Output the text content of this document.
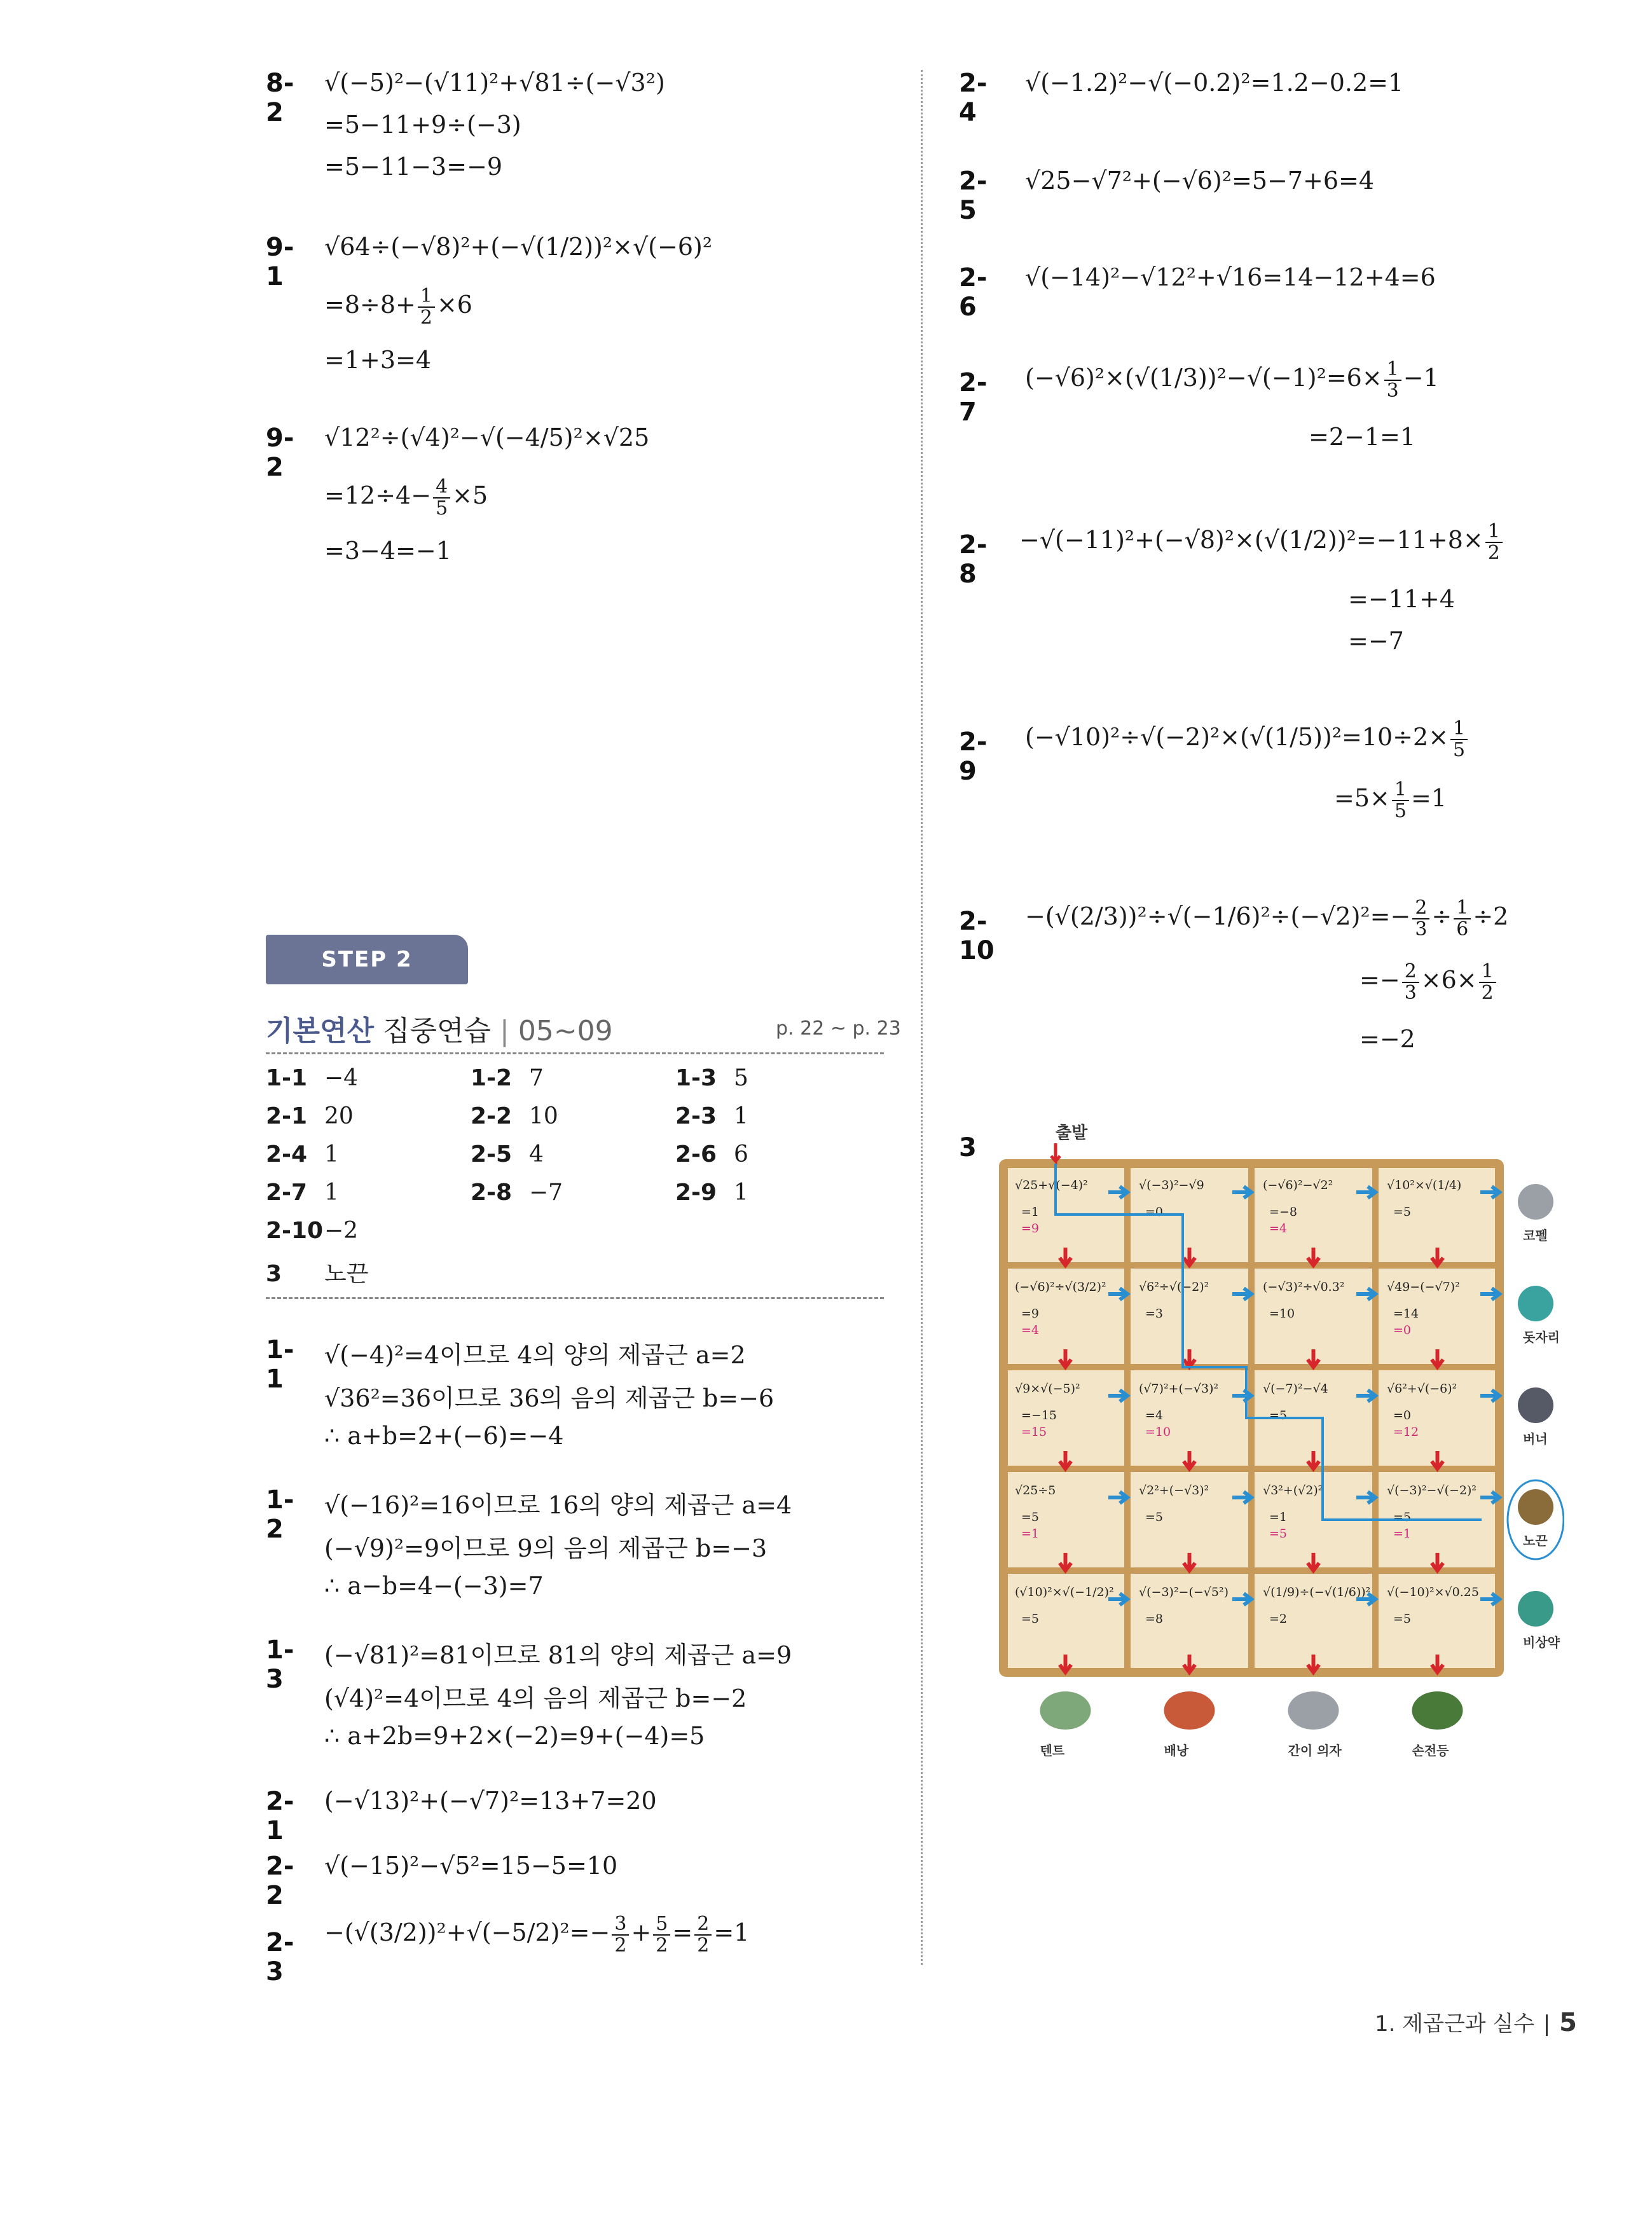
8-2
√(−5)²−(√11)²+√81÷(−√3²)
=5−11+9÷(−3)
=5−11−3=−9
9-1
√64÷(−√8)²+(−√(1/2))²×√(−6)²
$=8\div 8+ \frac{1}{2} \times 6$
=1+3=4
9-2
√12²÷(√4)²−√(−4/5)²×√25
$=12\div 4- \frac{4}{5} \times 5$
=3−4=−1
STEP 2
기본연산 집중연습 | 05~09	p. 22 ~ p. 23
1-1 −4	1-2 7	1-3 5
2-1 20	2-2 10	2-3 1
2-4 1	2-5 4	2-6 6
2-7 1	2-8 −7	2-9 1
2-10−2
3 노끈
1-1
√(−4)²=4이므로 4의 양의 제곱근 a=2
√36²=36이므로 36의 음의 제곱근 b=−6
∴ a+b=2+(−6)=−4
1-2
√(−16)²=16이므로 16의 양의 제곱근 a=4
(−√9)²=9이므로 9의 음의 제곱근 b=−3
∴ a−b=4−(−3)=7
1-3
(−√81)²=81이므로 81의 양의 제곱근 a=9
(√4)²=4이므로 4의 음의 제곱근 b=−2
∴ a+2b=9+2×(−2)=9+(−4)=5
2-1
(−√13)²+(−√7)²=13+7=20
2-2
√(−15)²−√5²=15−5=10
2-3
$-(√(3/2))^2+√(-5/2)^2=- \frac{3}{2} + \frac{5}{2} = \frac{2}{2} =1$
2-4
√(−1.2)²−√(−0.2)²=1.2−0.2=1
2-5
√25−√7²+(−√6)²=5−7+6=4
2-6
√(−14)²−√12²+√16=14−12+4=6
2-7
$(-√6)^2\times(√(1/3))^2-√(-1)^2=6\times \frac{1}{3} -1$
=2−1=1
2-8
$-√(-11)^2+(-√8)^2\times(√(1/2))^2=-11+8\times \frac{1}{2}$
=−11+4
=−7
2-9
$(-√10)^2\div√(-2)^2\times(√(1/5))^2=10\div 2\times \frac{1}{5}$
$=5\times \frac{1}{5} =1$
2-10
$-(√(2/3))^2\div√(-1/6)^2\div(-√2)^2=- \frac{2}{3} \div \frac{1}{6} \div 2$
=− $\frac{2}{3} \times 6\times \frac{1}{2}$
=−2
3	출발
√25+√(−4)²
=1
=9
√(−3)²−√9
=0
(−√6)²−√2²
=−8
=4
√10²×√(1/4)
=5
(−√6)²÷√(3/2)²
=9
=4
√6²÷√(−2)²
=3
(−√3)²÷√0.3²
=10
√49−(−√7)²
=14
=0
√9×√(−5)²
=−15
=15
(√7)²+(−√3)²
=4
=10
√(−7)²−√4
=5
√6²+√(−6)²
=0
=12
√25÷5
=5
=1
√2²+(−√3)²
=5
√3²+(√2)²
=1
=5
√(−3)²−√(−2)²
=5
=1
(√10)²×√(−1/2)²
=5
√(−3)²−(−√5²)
=8
√(1/9)÷(−√(1/6))²
=2
√(−10)²×√0.25
=5
코펠
돗자리
버너
노끈
비상약
텐트	배낭	간이 의자	손전등
1. 제곱근과 실수 5
